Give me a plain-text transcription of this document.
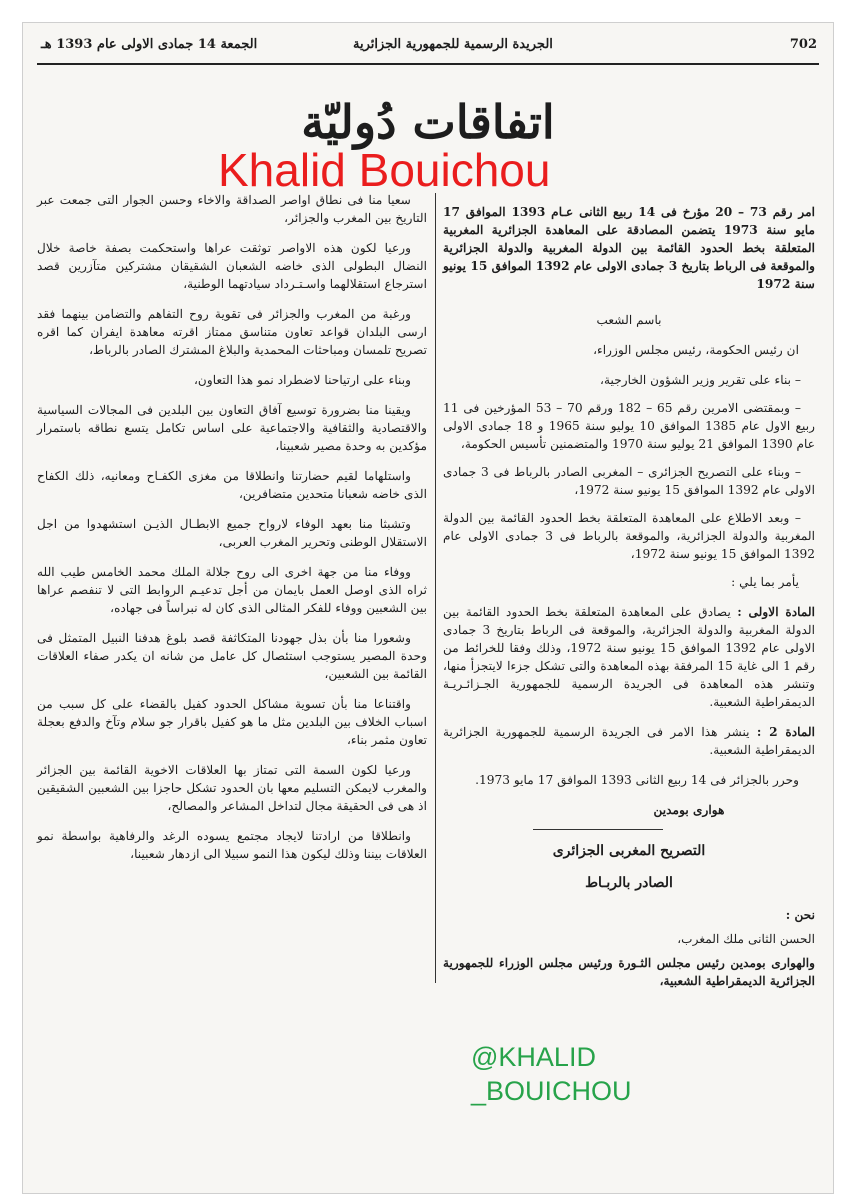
702
الجريدة الرسمية للجمهورية الجزائرية
الجمعة 14 جمادى الاولى عام 1393 هـ
اتفاقات دُوليّة
Khalid Bouichou

امر رقم 73 – 20 مؤرخ فى 14 ربيع الثانى عـام 1393 الموافق 17 مايو سنة 1973 يتضمن المصادقة على المعاهدة الجزائرية المغربية المتعلقة بخط الحدود القائمة بين الدولة المغربية والدولة الجزائرية والموقعة فى الرباط بتاريخ 3 جمادى الاولى عام 1392 الموافق 15 يونيو سنة 1972

باسم الشعب

ان رئيس الحكومة، رئيس مجلس الوزراء،

– بناء على تقرير وزير الشؤون الخارجية،

– وبمقتضى الامرين رقم 65 – 182 ورقم 70 – 53 المؤرخين فى 11 ربيع الاول عام 1385 الموافق 10 يوليو سنة 1965 و 18 جمادى الاولى عام 1390 الموافق 21 يوليو سنة 1970 والمتضمنين تأسيس الحكومة،

– وبناء على التصريح الجزائرى – المغربى الصادر بالرباط فى 3 جمادى الاولى عام 1392 الموافق 15 يونيو سنة 1972،

– وبعد الاطلاع على المعاهدة المتعلقة بخط الحدود القائمة بين الدولة المغربية والدولة الجزائرية، والموقعة بالرباط فى 3 جمادى الاولى عام 1392 الموافق 15 يونيو سنة 1972،

يأمر بما يلي :

المادة الاولى : يصادق على المعاهدة المتعلقة بخط الحدود القائمة بين الدولة المغربية والدولة الجزائرية، والموقعة فى الرباط بتاريخ 3 جمادى الاولى عام 1392 الموافق 15 يونيو سنة 1972، وذلك وفقا للخرائط من رقم 1 الى غاية 15 المرفقة بهذه المعاهدة والتى تشكل جزءا لايتجزأ منها، وتنشر هذه المعاهدة فى الجريدة الرسمية للجمهورية الجـزائـريـة الديمقراطية الشعبية.

المادة 2 : ينشر هذا الامر فى الجريدة الرسمية للجمهورية الجزائرية الديمقراطية الشعبية.

وحرر بالجزائر فى 14 ربيع الثانى 1393 الموافق 17 مايو 1973.

هوارى بومدين

التصريح المغربى الجزائرى

الصادر بالربـاط

نحن :

الحسن الثانى ملك المغرب،

والهوارى بومدين رئيس مجلس الثـورة ورئيس مجلس الوزراء للجمهورية الجزائرية الديمقراطية الشعبية،

سعيا منا فى نطاق اواصر الصداقة والاخاء وحسن الجوار التى جمعت عبر التاريخ بين المغرب والجزائر،

ورعيا لكون هذه الاواصر توثقت عراها واستحكمت بصفة خاصة خلال النضال البطولى الذى خاضه الشعبان الشقيقان مشتركين متآزرين قصد استرجاع استقلالهما واسـتـرداد سيادتهما الوطنية،

ورغبة من المغرب والجزائر فى تقوية روح التفاهم والتضامن بينهما فقد ارسى البلدان قواعد تعاون متناسق ممتاز اقرته معاهدة ايفران كما اقره تصريح تلمسان ومباحثات المحمدية والبلاغ المشترك الصادر بالرباط،

وبناء على ارتياحنا لاضطراد نمو هذا التعاون،

ويقينا منا بضرورة توسيع آفاق التعاون بين البلدين فى المجالات السياسية والاقتصادية والثقافية والاجتماعية على اساس تكامل يتسع نطاقه باستمرار مؤكدين به وحدة مصير شعبينا،

واستلهاما لقيم حضارتنا وانطلاقا من مغزى الكفـاح ومعانيه، ذلك الكفاح الذى خاضه شعبانا متحدين متضافرين،

وتشبثا منا بعهد الوفاء لارواح جميع الابطـال الذيـن استشهدوا من اجل الاستقلال الوطنى وتحرير المغرب العربى،

ووفاء منا من جهة اخرى الى روح جلالة الملك محمد الخامس طيب الله ثراه الذى اوصل العمل بايمان من أجل تدعيـم الروابط التى لا تنفصم عراها بين الشعبين ووفاء للفكر المثالى الذى كان له نبراساً فى جهاده،

وشعورا منا بأن بذل جهودنا المتكاثفة قصد بلوغ هدفنا النبيل المتمثل فى وحدة المصير يستوجب استئصال كل عامل من شانه ان يكدر صفاء العلاقات القائمة بين الشعبين،

واقتناعا منا بأن تسوية مشاكل الحدود كفيل بالقضاء على كل سبب من اسباب الخلاف بين البلدين مثل ما هو كفيل باقرار جو سلام وتآخ والدفع بعجلة تعاون مثمر بناء،

ورعيا لكون السمة التى تمتاز بها العلاقات الاخوية القائمة بين الجزائر والمغرب لايمكن التسليم معها بان الحدود تشكل حاجزا بين الشعبين الشقيقين اذ هى فى الحقيقة مجال لتداخل المشاعر والمصالح،

وانطلاقا من ارادتنا لايجاد مجتمع يسوده الرغد والرفاهية بواسطة نمو العلاقات بيننا وذلك ليكون هذا النمو سبيلا الى ازدهار شعبينا،

@KHALID
_BOUICHOU
